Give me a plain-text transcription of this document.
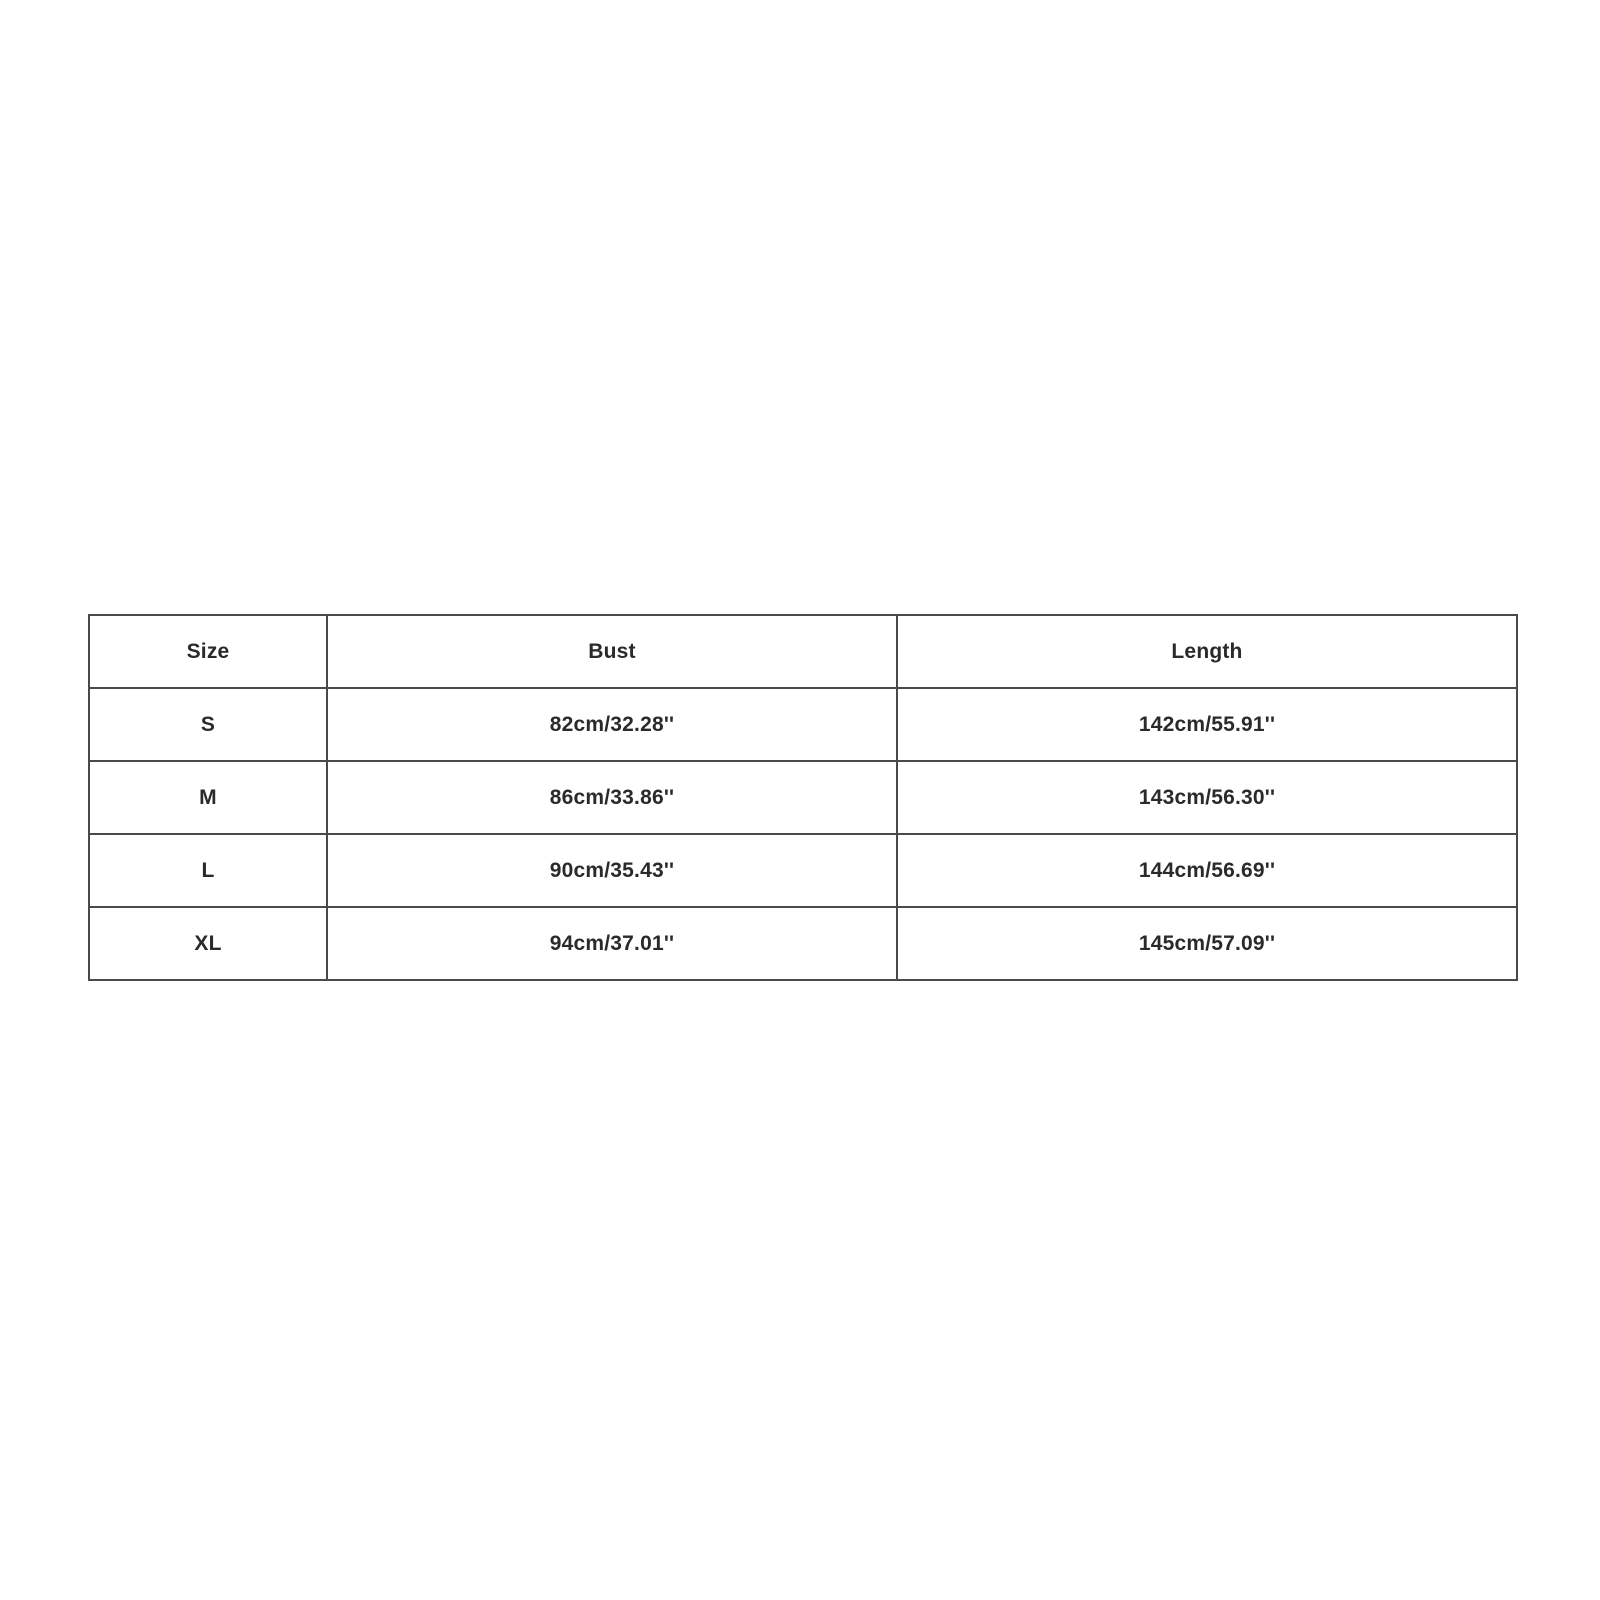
Size	Bust	Length
S	82cm/32.28''	142cm/55.91''
M	86cm/33.86''	143cm/56.30''
L	90cm/35.43''	144cm/56.69''
XL	94cm/37.01''	145cm/57.09''
